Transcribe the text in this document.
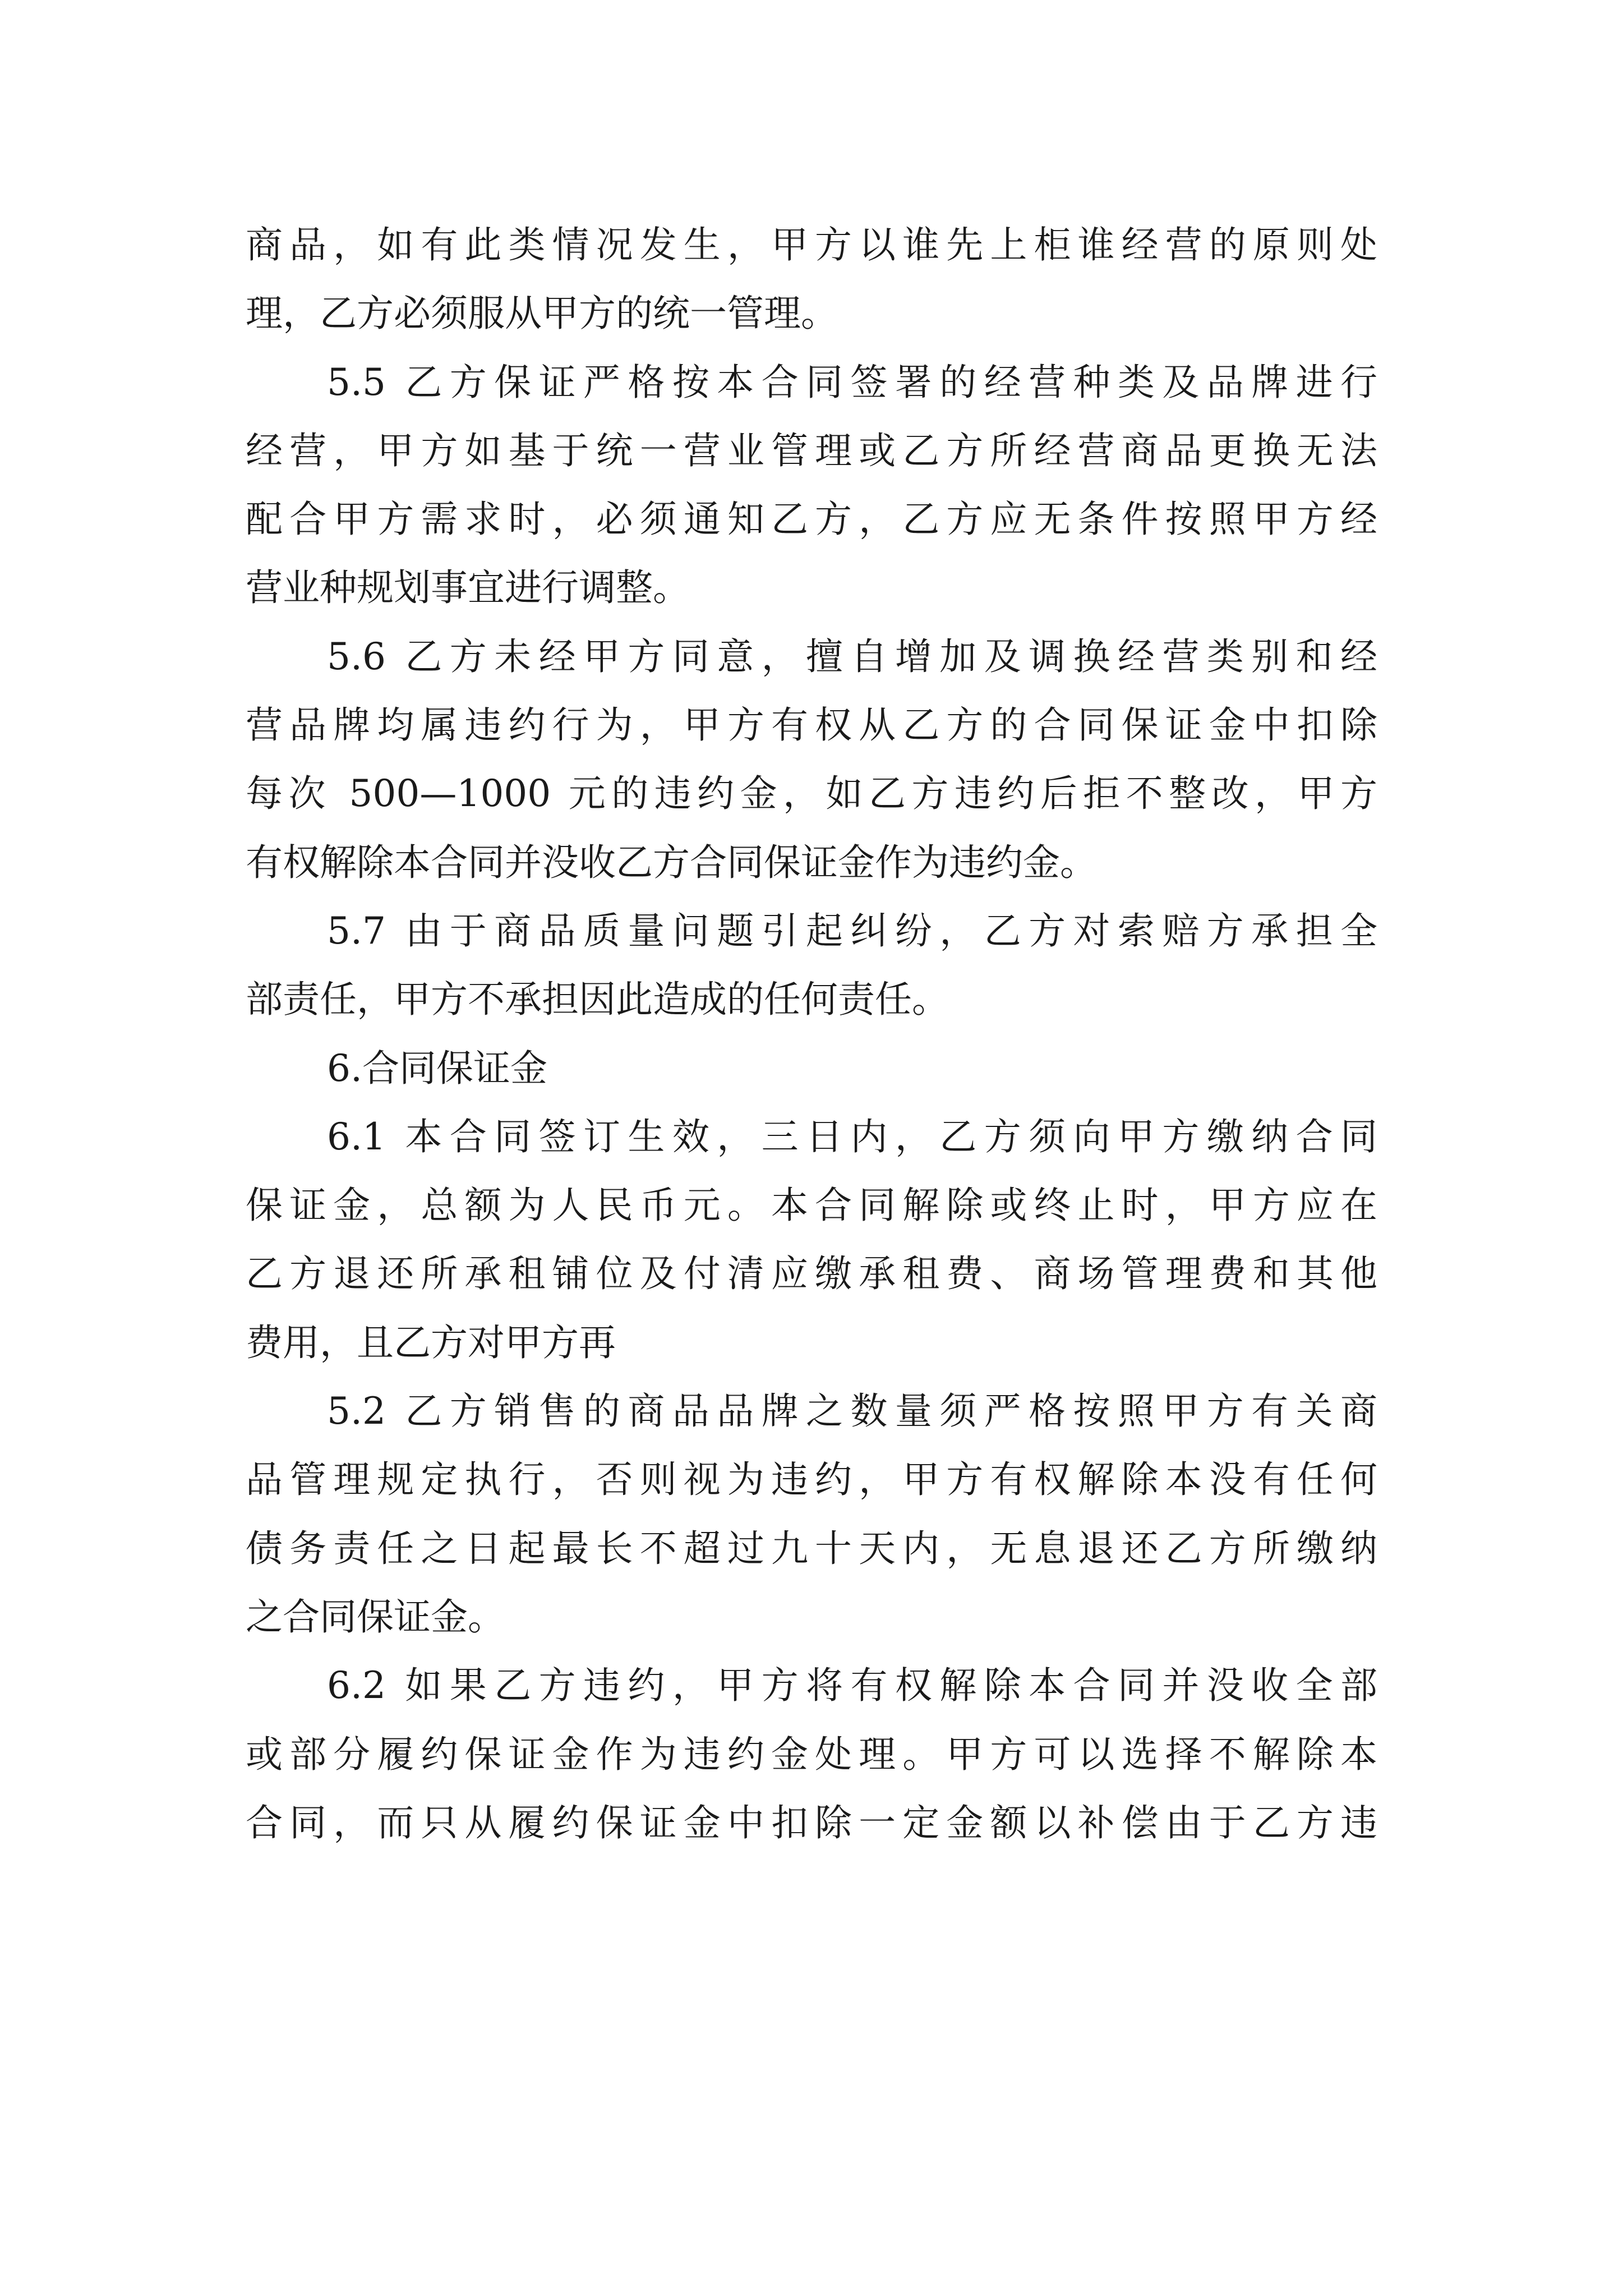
商品，如有此类情况发生，甲方以谁先上柜谁经营的原则处
理，乙方必须服从甲方的统一管理。
5.5 乙方保证严格按本合同签署的经营种类及品牌进行
经营，甲方如基于统一营业管理或乙方所经营商品更换无法
配合甲方需求时，必须通知乙方，乙方应无条件按照甲方经
营业种规划事宜进行调整。
5.6 乙方未经甲方同意，擅自增加及调换经营类别和经
营品牌均属违约行为，甲方有权从乙方的合同保证金中扣除
每次 500—1000 元的违约金，如乙方违约后拒不整改，甲方
有权解除本合同并没收乙方合同保证金作为违约金。
5.7 由于商品质量问题引起纠纷，乙方对索赔方承担全
部责任，甲方不承担因此造成的任何责任。
6.合同保证金
6.1 本合同签订生效，三日内，乙方须向甲方缴纳合同
保证金，总额为人民币元。本合同解除或终止时，甲方应在
乙方退还所承租铺位及付清应缴承租费、商场管理费和其他
费用，且乙方对甲方再
5.2 乙方销售的商品品牌之数量须严格按照甲方有关商
品管理规定执行，否则视为违约，甲方有权解除本没有任何
债务责任之日起最长不超过九十天内，无息退还乙方所缴纳
之合同保证金。
6.2 如果乙方违约，甲方将有权解除本合同并没收全部
或部分履约保证金作为违约金处理。甲方可以选择不解除本
合同，而只从履约保证金中扣除一定金额以补偿由于乙方违
